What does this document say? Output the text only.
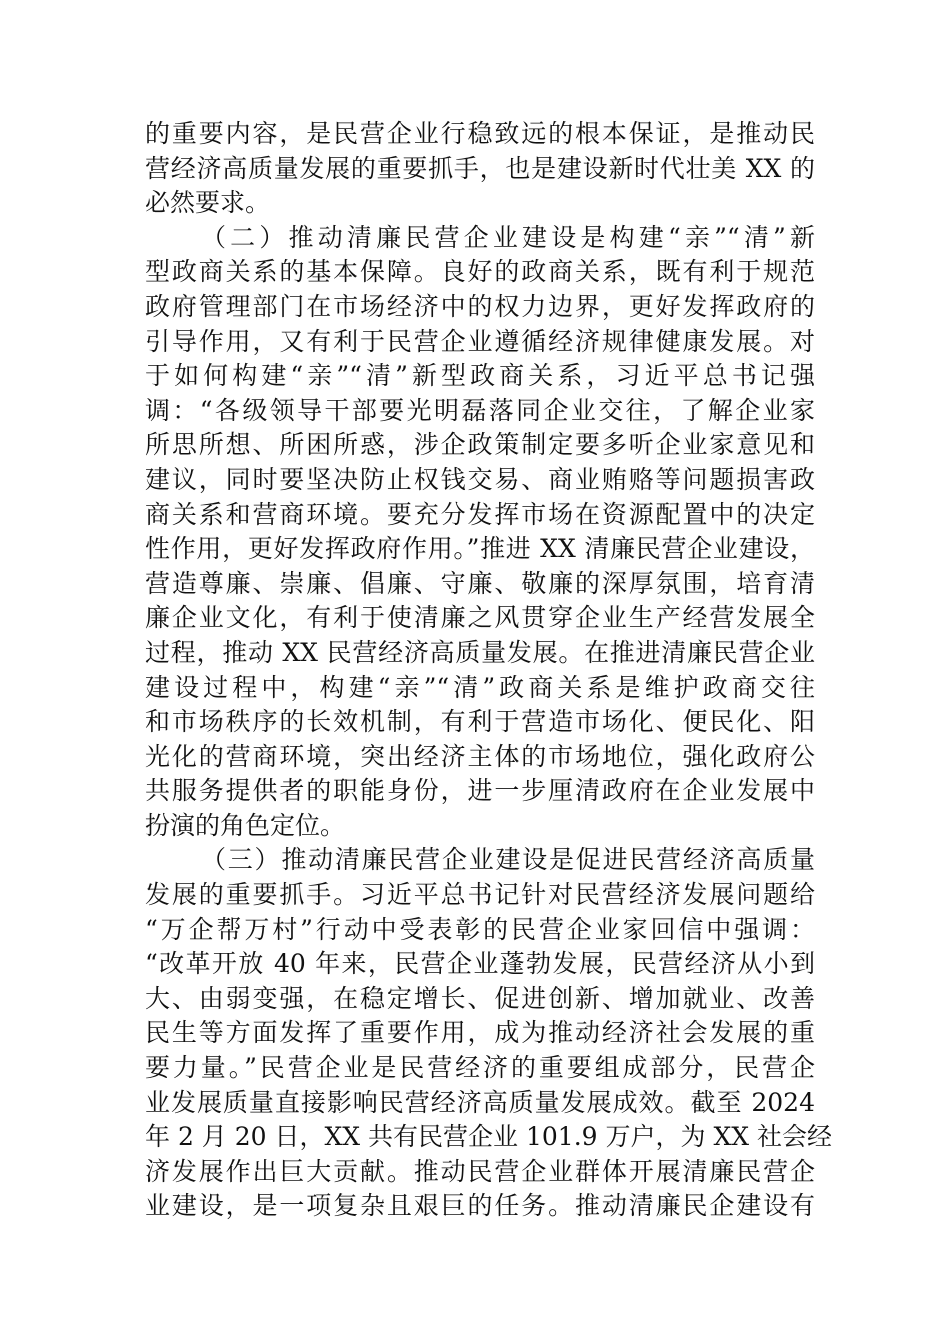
的重要内容，是民营企业行稳致远的根本保证，是推动民
营经济高质量发展的重要抓手，也是建设新时代壮美 XX 的
必然要求。
（二）推动清廉民营企业建设是构建“亲”“清”新
型政商关系的基本保障。良好的政商关系，既有利于规范
政府管理部门在市场经济中的权力边界，更好发挥政府的
引导作用，又有利于民营企业遵循经济规律健康发展。对
于如何构建“亲”“清”新型政商关系，习近平总书记强
调：“各级领导干部要光明磊落同企业交往，了解企业家
所思所想、所困所惑，涉企政策制定要多听企业家意见和
建议，同时要坚决防止权钱交易、商业贿赂等问题损害政
商关系和营商环境。要充分发挥市场在资源配置中的决定
性作用，更好发挥政府作用。”推进 XX 清廉民营企业建设，
营造尊廉、崇廉、倡廉、守廉、敬廉的深厚氛围，培育清
廉企业文化，有利于使清廉之风贯穿企业生产经营发展全
过程，推动 XX 民营经济高质量发展。在推进清廉民营企业
建设过程中，构建“亲”“清”政商关系是维护政商交往
和市场秩序的长效机制，有利于营造市场化、便民化、阳
光化的营商环境，突出经济主体的市场地位，强化政府公
共服务提供者的职能身份，进一步厘清政府在企业发展中
扮演的角色定位。
（三）推动清廉民营企业建设是促进民营经济高质量
发展的重要抓手。习近平总书记针对民营经济发展问题给
“万企帮万村”行动中受表彰的民营企业家回信中强调：
“改革开放 40 年来，民营企业蓬勃发展，民营经济从小到
大、由弱变强，在稳定增长、促进创新、增加就业、改善
民生等方面发挥了重要作用，成为推动经济社会发展的重
要力量。”民营企业是民营经济的重要组成部分，民营企
业发展质量直接影响民营经济高质量发展成效。截至 2024
年 2 月 20 日，XX 共有民营企业 101.9 万户，为 XX 社会经
济发展作出巨大贡献。推动民营企业群体开展清廉民营企
业建设，是一项复杂且艰巨的任务。推动清廉民企建设有
